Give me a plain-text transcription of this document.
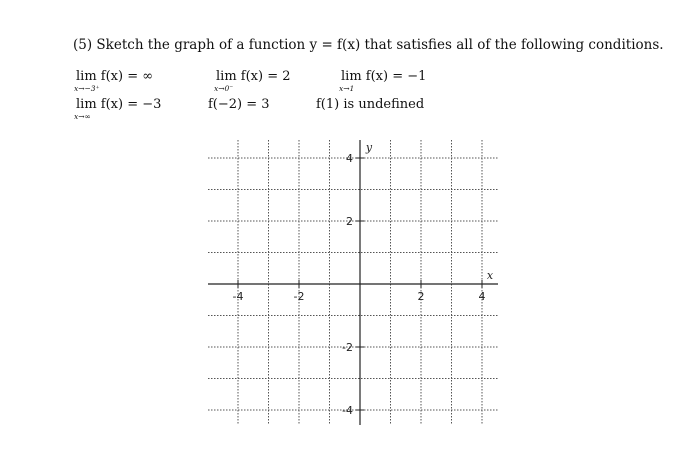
(5) Sketch the graph of a function y = f(x) that satisfies all of the following conditions.
lim f(x) = ∞
x→−3⁺
lim f(x) = 2
x→0⁻
lim f(x) = −1
x→1
lim f(x) = −3
x→∞
f(−2) = 3	f(1) is undefined
-4	-2	2	4
4
2
-2
-4
x
y
